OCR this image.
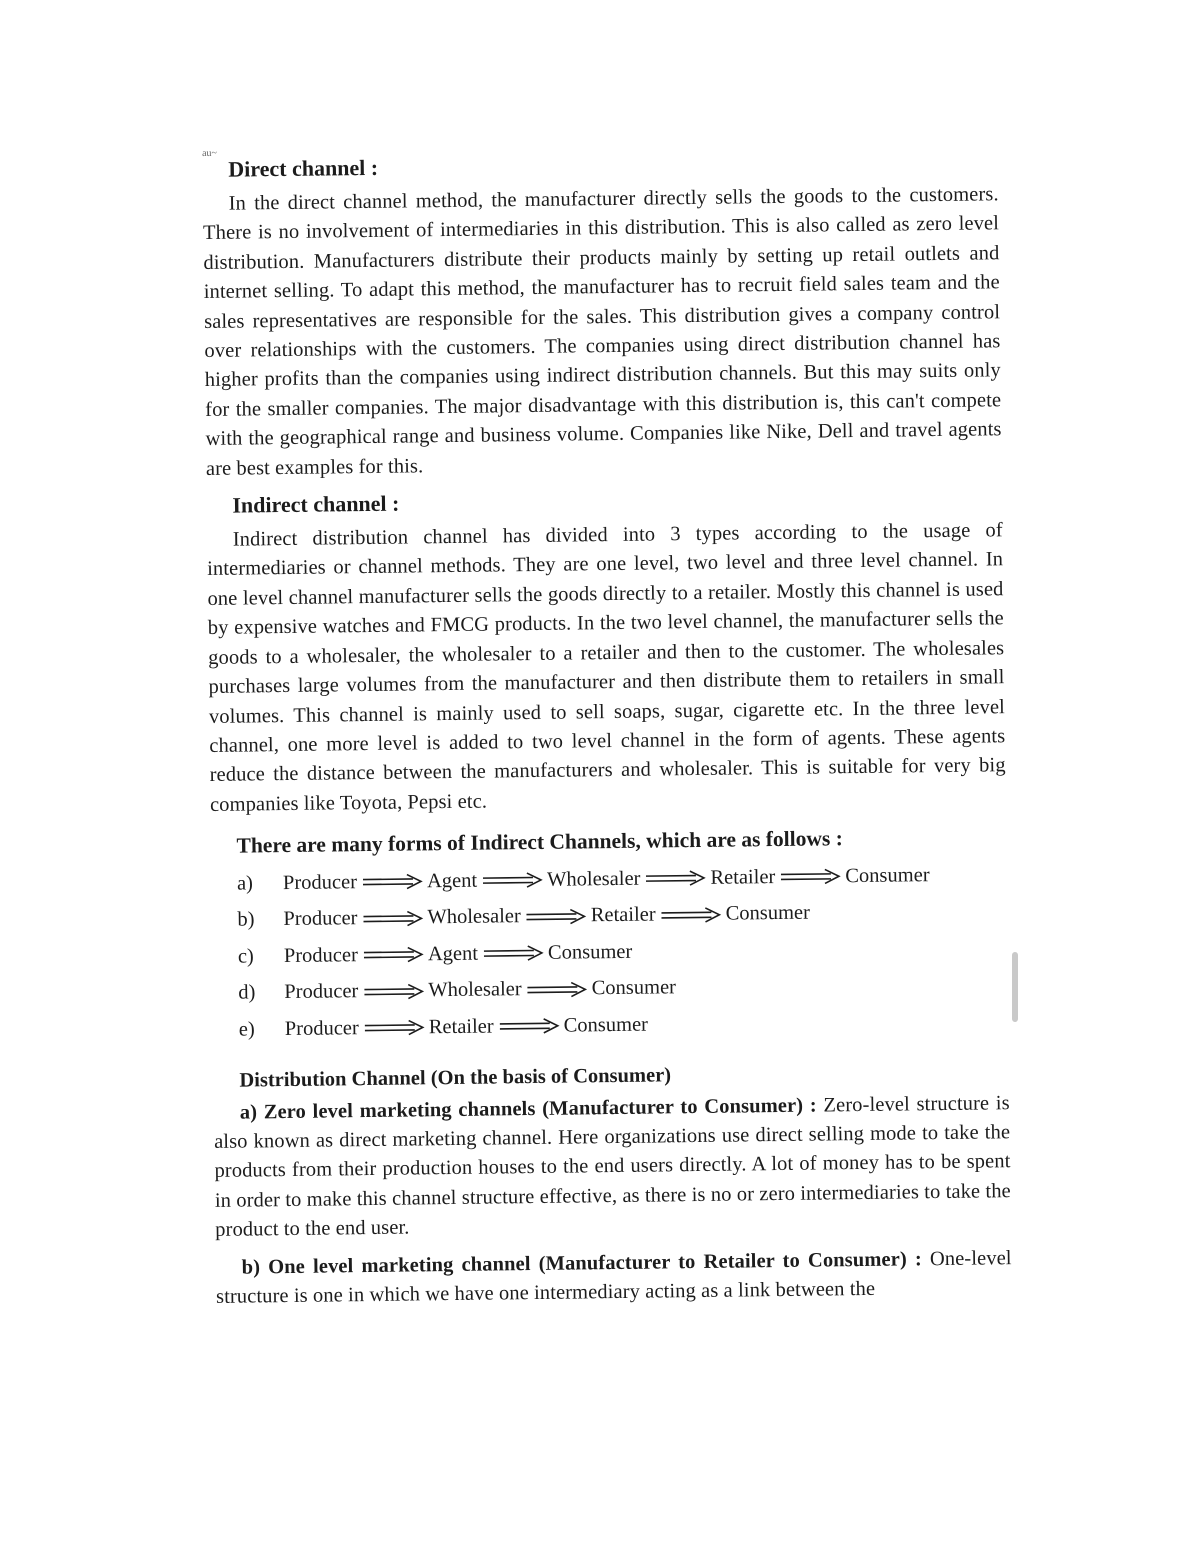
au~
Direct channel :

In the direct channel method, the manufacturer directly sells the goods to the customers. There is no involvement of intermediaries in this distribution. This is also called as zero level distribution. Manufacturers distribute their products mainly by setting up retail outlets and internet selling. To adapt this method, the manufacturer has to recruit field sales team and the sales representatives are responsible for the sales. This distribution gives a company control over relationships with the customers. The companies using direct distribution channel has higher profits than the companies using indirect distribution channels. But this may suits only for the smaller companies. The major disadvantage with this distribution is, this can't compete with the geographical range and business volume. Companies like Nike, Dell and travel agents are best examples for this.

Indirect channel :

Indirect distribution channel has divided into 3 types according to the usage of intermediaries or channel methods. They are one level, two level and three level channel. In one level channel manufacturer sells the goods directly to a retailer. Mostly this channel is used by expensive watches and FMCG products. In the two level channel, the manufacturer sells the goods to a wholesaler, the wholesaler to a retailer and then to the customer. The wholesales purchases large volumes from the manufacturer and then distribute them to retailers in small volumes. This channel is mainly used to sell soaps, sugar, cigarette etc. In the three level channel, one more level is added to two level channel in the form of agents. These agents reduce the distance between the manufacturers and wholesaler. This is suitable for very big companies like Toyota, Pepsi etc.

There are many forms of Indirect Channels, which are as follows :
a)	Producer	Agent	Wholesaler	Retailer	Consumer
b)	Producer	Wholesaler	Retailer	Consumer
c)	Producer	Agent	Consumer
d)	Producer	Wholesaler	Consumer
e)	Producer	Retailer	Consumer
Distribution Channel (On the basis of Consumer)

a) Zero level marketing channels (Manufacturer to Consumer) : Zero-level structure is also known as direct marketing channel. Here organizations use direct selling mode to take the products from their production houses to the end users directly. A lot of money has to be spent in order to make this channel structure effective, as there is no or zero intermediaries to take the product to the end user.

b) One level marketing channel (Manufacturer to Retailer to Consumer) : One-level structure is one in which we have one intermediary acting as a link between the
